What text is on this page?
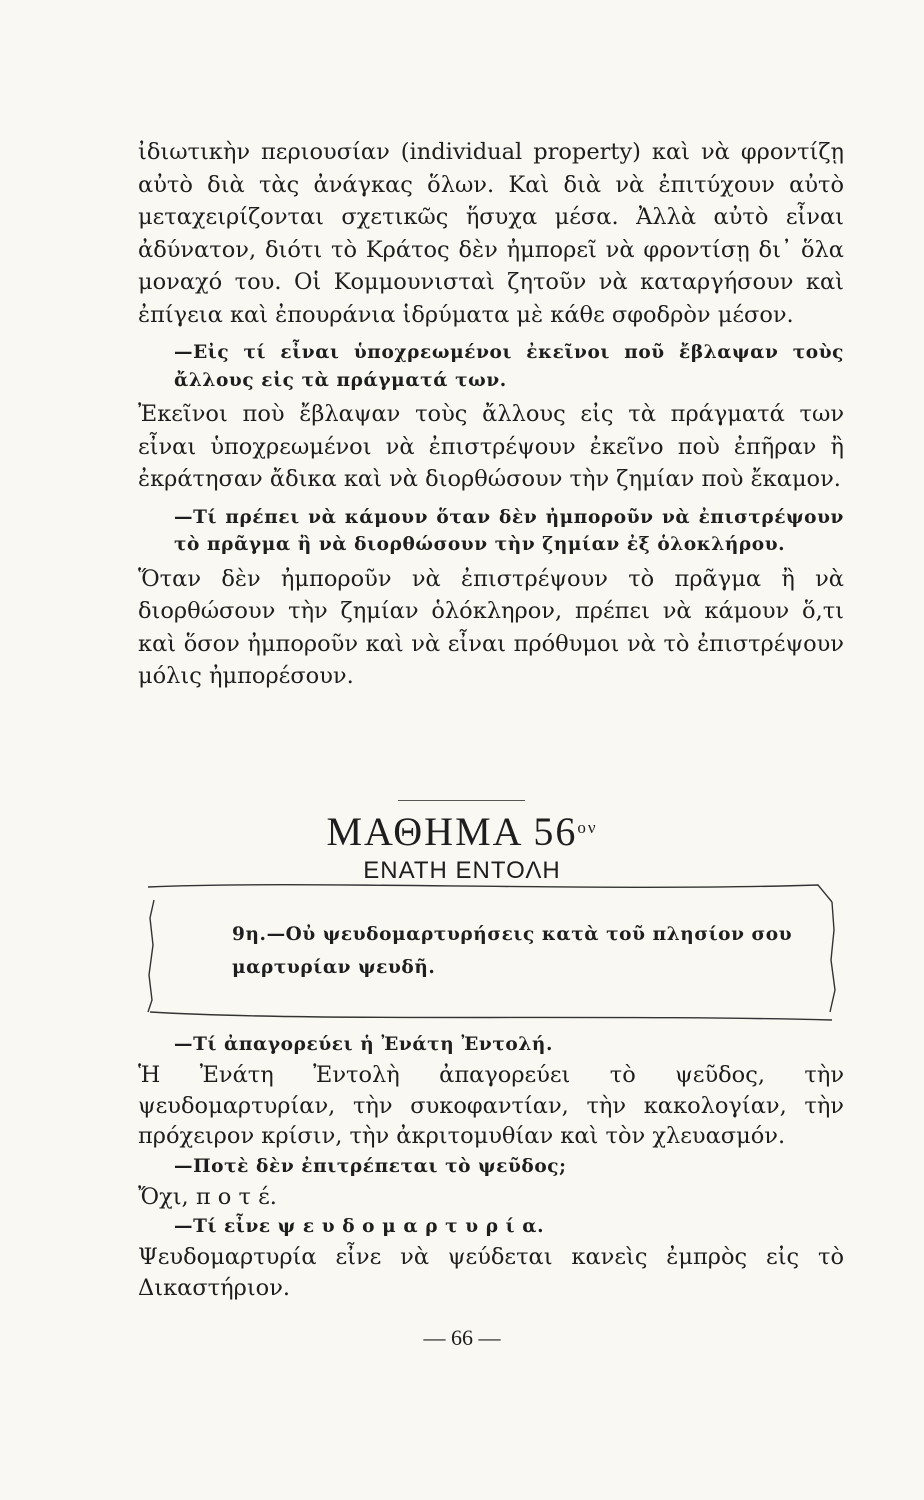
ἰδιωτικὴν περιουσίαν (individual property) καὶ νὰ φροντίζῃ αὐτὸ διὰ τὰς ἀνάγκας ὅλων. Καὶ διὰ νὰ ἐπιτύχουν αὐτὸ μεταχειρίζονται σχετικῶς ἥσυχα μέσα. Ἀλλὰ αὐτὸ εἶναι ἀδύνατον, διότι τὸ Κράτος δὲν ἠμπορεῖ νὰ φροντίσῃ δι᾽ ὅλα μοναχό του. Οἱ Κομμουνισταὶ ζητοῦν νὰ καταργήσουν καὶ ἐπίγεια καὶ ἐπουράνια ἱδρύματα μὲ κάθε σφοδρὸν μέσον.

—Εἰς τί εἶναι ὑποχρεωμένοι ἐκεῖνοι ποῦ ἔβλαψαν τοὺς ἄλλους εἰς τὰ πράγματά των.

Ἐκεῖνοι ποὺ ἔβλαψαν τοὺς ἄλλους εἰς τὰ πράγματά των εἶναι ὑποχρεωμένοι νὰ ἐπιστρέψουν ἐκεῖνο ποὺ ἐπῆραν ἢ ἐκράτησαν ἄδικα καὶ νὰ διορθώσουν τὴν ζημίαν ποὺ ἔκαμον.

—Τί πρέπει νὰ κάμουν ὅταν δὲν ἠμποροῦν νὰ ἐπιστρέψουν τὸ πρᾶγμα ἢ νὰ διορθώσουν τὴν ζημίαν ἐξ ὁλοκλήρου.

Ὅταν δὲν ἠμποροῦν νὰ ἐπιστρέψουν τὸ πρᾶγμα ἢ νὰ διορθώσουν τὴν ζημίαν ὁλόκληρον, πρέπει νὰ κάμουν ὅ,τι καὶ ὅσον ἠμποροῦν καὶ νὰ εἶναι πρόθυμοι νὰ τὸ ἐπιστρέψουν μόλις ἠμπορέσουν.

ΜΑΘΗΜΑ $56^{o\nu}$
ΕΝΑΤΗ ΕΝΤΟΛΗ
9η.—Οὐ ψευδομαρτυρήσεις κατὰ τοῦ πλησίον σου μαρτυρίαν ψευδῆ.

—Τί ἀπαγορεύει ἡ Ἐνάτη Ἐντολή.

Ἡ Ἐνάτη Ἐντολὴ ἀπαγορεύει τὸ ψεῦδος, τὴν ψευδομαρτυρίαν, τὴν συκοφαντίαν, τὴν κακολογίαν, τὴν πρόχειρον κρίσιν, τὴν ἀκριτομυθίαν καὶ τὸν χλευασμόν.

—Ποτὲ δὲν ἐπιτρέπεται τὸ ψεῦδος;

Ὄχι, π ο τ έ.

—Τί εἶνε ψ ε υ δ ο μ α ρ τ υ ρ ί α.

Ψευδομαρτυρία εἶνε νὰ ψεύδεται κανεὶς ἐμπρὸς εἰς τὸ Δικαστήριον.

— 66 —
